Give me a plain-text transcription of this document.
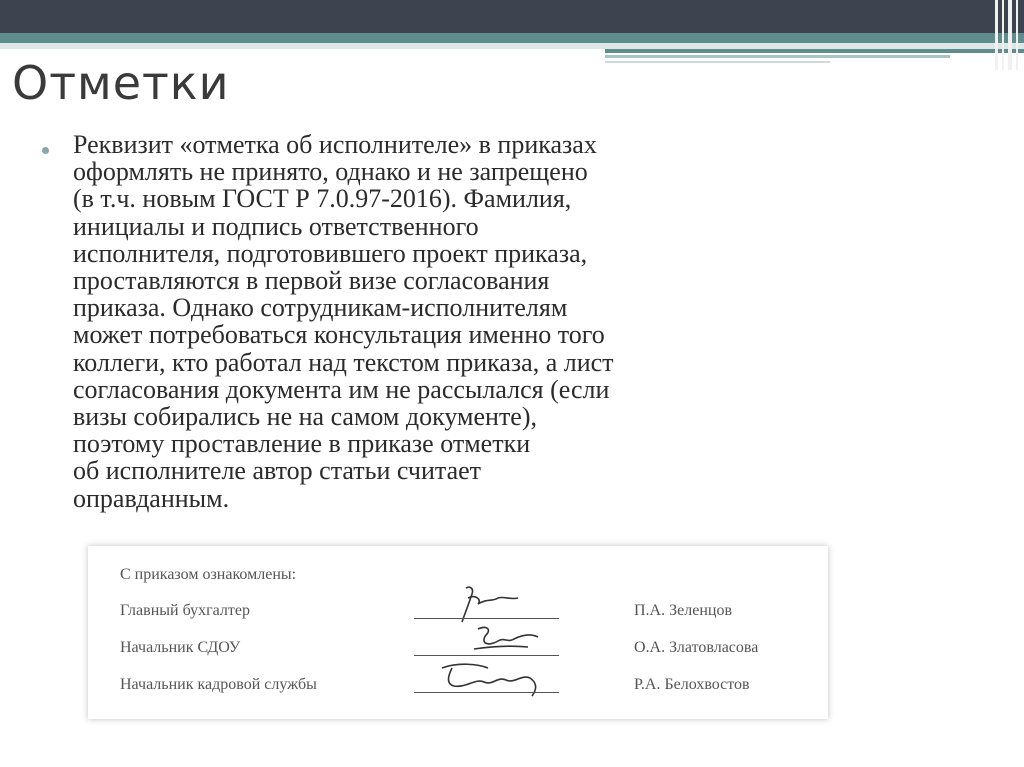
Отметки
Реквизит «отметка об исполнителе» в приказах
оформлять не принято, однако и не запрещено
(в т.ч. новым ГОСТ Р 7.0.97-2016). Фамилия,
инициалы и подпись ответственного
исполнителя, подготовившего проект приказа,
проставляются в первой визе согласования
приказа. Однако сотрудникам-исполнителям
может потребоваться консультация именно того
коллеги, кто работал над текстом приказа, а лист
согласования документа им не рассылался (если
визы собирались не на самом документе),
поэтому проставление в приказе отметки
об исполнителе автор статьи считает
оправданным.
С приказом ознакомлены:
Главный бухгалтер	П.А. Зеленцов
Начальник СДОУ	О.А. Златовласова
Начальник кадровой службы	Р.А. Белохвостов
